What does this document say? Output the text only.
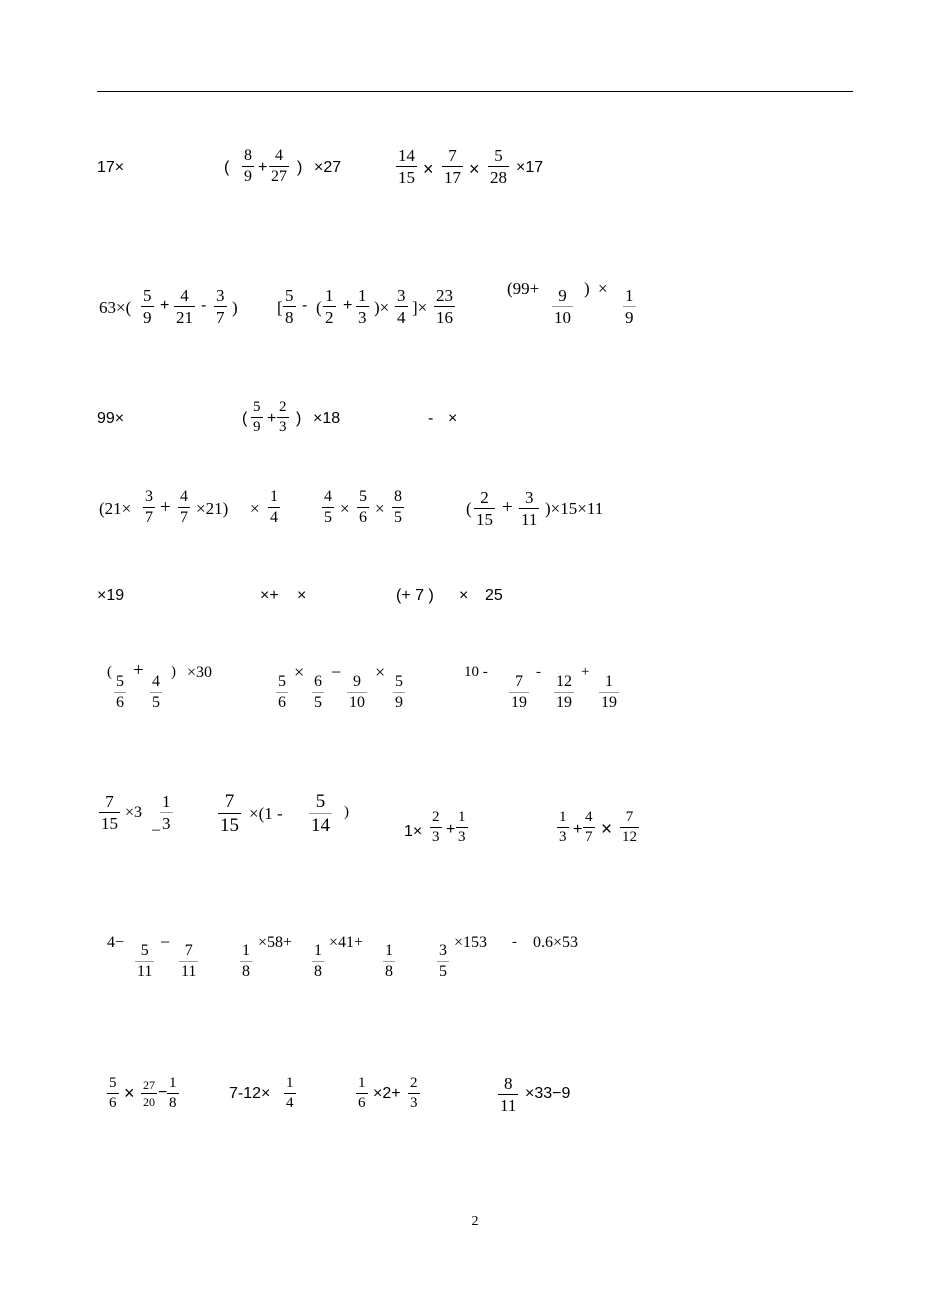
17×	( $\frac{8}{9} + \frac{4}{27}$ ) ×27	$\frac{14}{15} \times \frac{7}{17} \times \frac{5}{28} \times 17$
$63\times( \frac{5}{9} + \frac{4}{21} - \frac{3}{7}$ ) [ $\frac{5}{8}$ - ( $\frac{1}{2} + \frac{1}{3}$ )× $\frac{3}{4}$ ]× $\frac{23}{16}$	($99+ \frac{9}{10}$ ) × $\frac{1}{9}$
99×	( $\frac{5}{9} + \frac{2}{3}$ ) ×18	- ×
$(21\times \frac{3}{7} + \frac{4}{7} \times 21) \times \frac{1}{4}$	$\frac{4}{5} \times \frac{5}{6} \times \frac{8}{5}$	( $\frac{2}{15} + \frac{3}{11} )\times 15\times 11$
×19	×+ ×	(+ 7 ) × 25
(
$\frac{5}{6}$
+
$\frac{4}{5}$
) ×30
$\frac{5}{6}$
×
$\frac{6}{5}$
−
$\frac{9}{10}$
×
$\frac{5}{9}$
10 -
$\frac{7}{19}$
-
$\frac{12}{19}$
+
$\frac{1}{19}$
$\frac{7}{15} \times 3$
– $\frac{1}{3} \frac{7}{15} \times(1 - \frac{5}{14}$ )
$1\times \frac{2}{3} + \frac{1}{3}$	$\frac{1}{3} + \frac{4}{7} \times \frac{7}{12}$
4−
$\frac{5}{11}$
−
$\frac{7}{11}$	$\frac{1}{8}$
×58+
$\frac{1}{8}$
×41+
$\frac{1}{8}$	$\frac{3}{5}$
×153 - 0.6×53
$\frac{5}{6} \times \frac{27}{20} - \frac{1}{8}$	$7-12\times \frac{1}{4}$	$\frac{1}{6} \times 2+ \frac{2}{3}$	$\frac{8}{11} \times 33-9$
2
